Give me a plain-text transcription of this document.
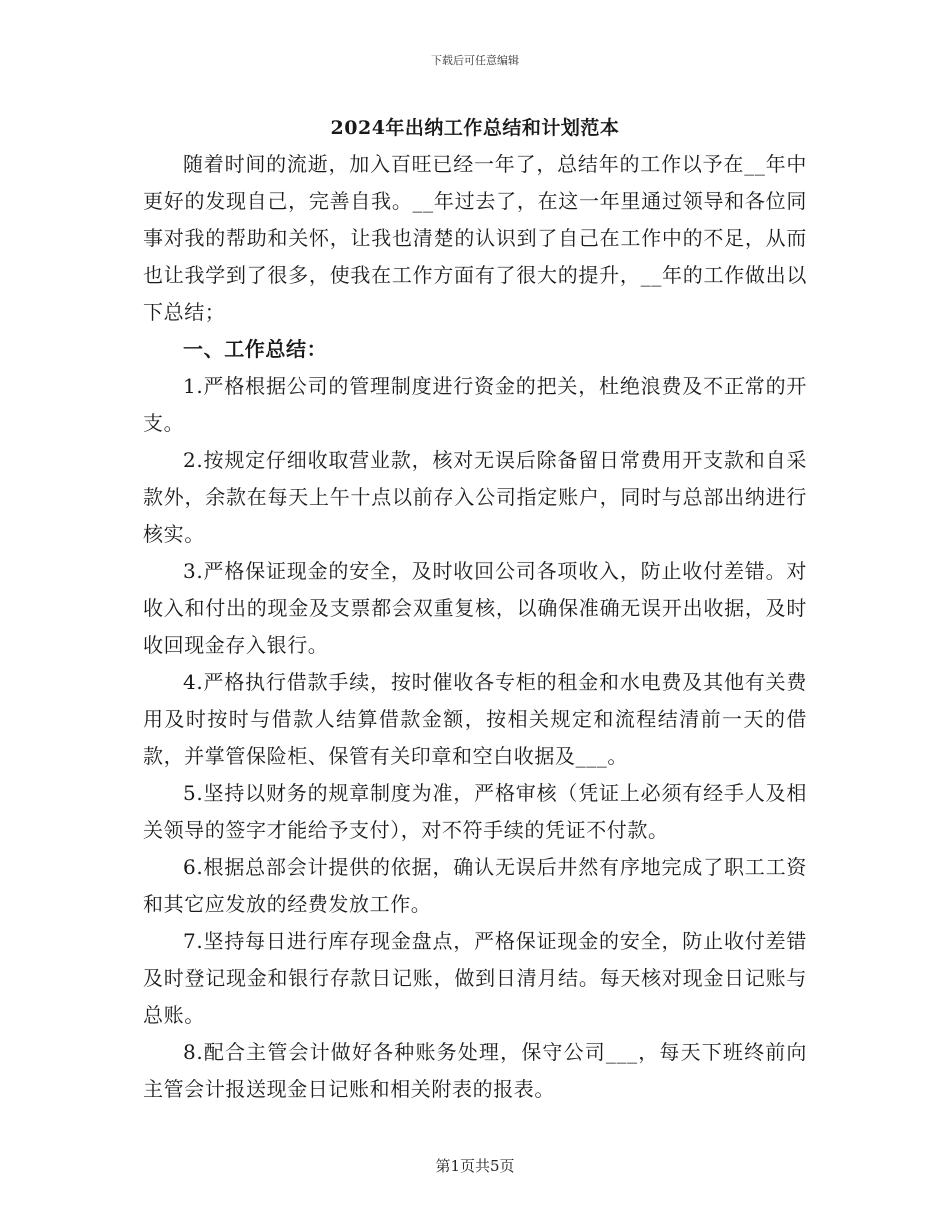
下载后可任意编辑
2024年出纳工作总结和计划范本

随着时间的流逝，加入百旺已经一年了，总结年的工作以予在__年中更好的发现自己，完善自我。__年过去了，在这一年里通过领导和各位同事对我的帮助和关怀，让我也清楚的认识到了自己在工作中的不足，从而也让我学到了很多，使我在工作方面有了很大的提升，__年的工作做出以下总结；

一、工作总结：

1.严格根据公司的管理制度进行资金的把关，杜绝浪费及不正常的开支。
2.按规定仔细收取营业款，核对无误后除备留日常费用开支款和自采款外，余款在每天上午十点以前存入公司指定账户，同时与总部出纳进行核实。
3.严格保证现金的安全，及时收回公司各项收入，防止收付差错。对收入和付出的现金及支票都会双重复核，以确保准确无误开出收据，及时收回现金存入银行。
4.严格执行借款手续，按时催收各专柜的租金和水电费及其他有关费用及时按时与借款人结算借款金额，按相关规定和流程结清前一天的借款，并掌管保险柜、保管有关印章和空白收据及___。
5.坚持以财务的规章制度为准，严格审核（凭证上必须有经手人及相关领导的签字才能给予支付），对不符手续的凭证不付款。
6.根据总部会计提供的依据，确认无误后井然有序地完成了职工工资和其它应发放的经费发放工作。
7.坚持每日进行库存现金盘点，严格保证现金的安全，防止收付差错及时登记现金和银行存款日记账，做到日清月结。每天核对现金日记账与总账。
8.配合主管会计做好各种账务处理，保守公司___，每天下班终前向主管会计报送现金日记账和相关附表的报表。
第1页共5页
